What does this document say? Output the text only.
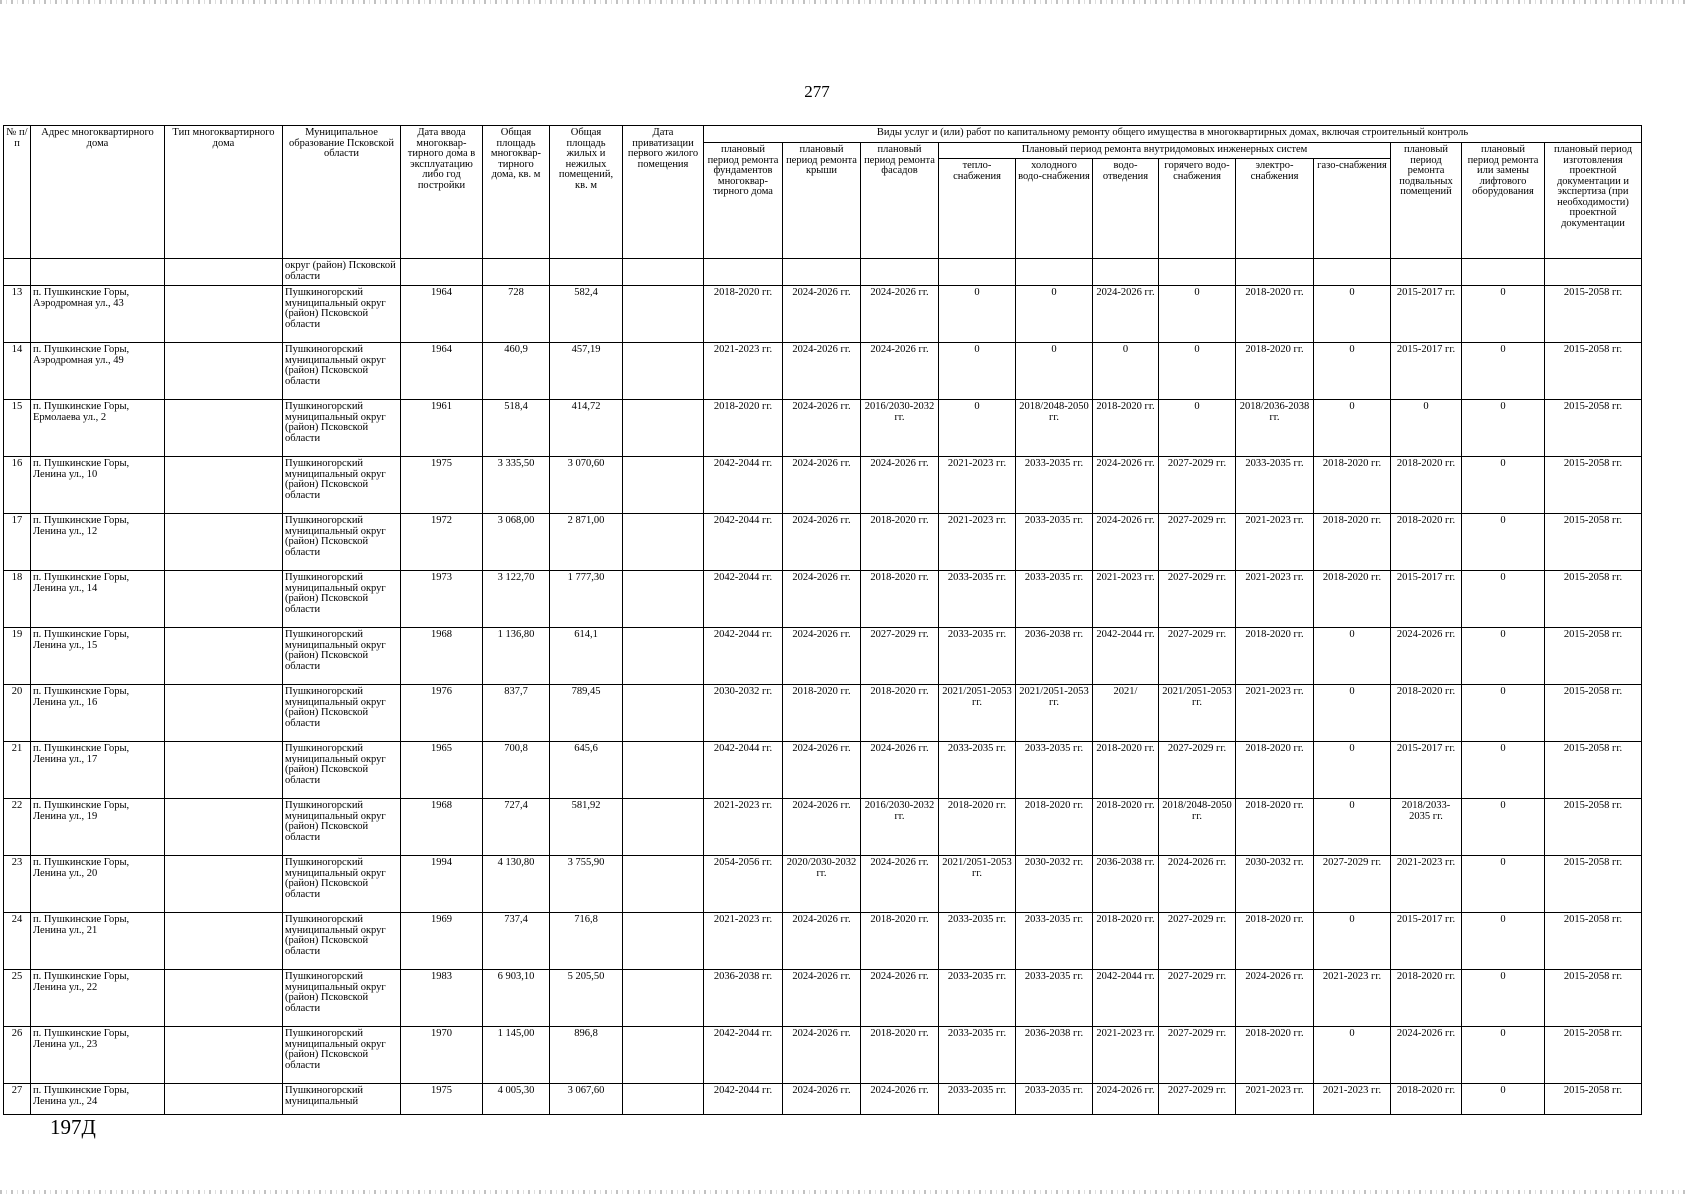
277
№ п/п	Адрес многоквартирного дома	Тип многоквартирного дома	Муниципальное образование Псковской области	Дата ввода многоквар-тирного дома в эксплуатацию либо год постройки	Общая площадь многоквар-тирного дома, кв. м	Общая площадь жилых и нежилых помещений, кв. м	Дата приватизации первого жилого помещения	Виды услуг и (или) работ по капитальному ремонту общего имущества в многоквартирных домах, включая строительный контроль											
								плановый период ремонта фундаментов многоквар-тирного дома	плановый период ремонта крыши	плановый период ремонта фасадов	Плановый период ремонта внутридомовых инженерных систем						плановый период ремонта подвальных помещений	плановый период ремонта или замены лифтового оборудования	плановый период изготовления проектной документации и экспертиза (при необходимости) проектной документации
											тепло-снабжения	холодного водо-снабжения	водо-отведения	горячего водо-снабжения	электро-снабжения	газо-снабжения			
			округ (район) Псковской области																
13	п. Пушкинские Горы, Аэродромная ул., 43		Пушкиногорский муниципальный округ (район) Псковской области	1964	728	582,4		2018-2020 гг.	2024-2026 гг.	2024-2026 гг.	0	0	2024-2026 гг.	0	2018-2020 гг.	0	2015-2017 гг.	0	2015-2058 гг.
14	п. Пушкинские Горы, Аэродромная ул., 49		Пушкиногорский муниципальный округ (район) Псковской области	1964	460,9	457,19		2021-2023 гг.	2024-2026 гг.	2024-2026 гг.	0	0	0	0	2018-2020 гг.	0	2015-2017 гг.	0	2015-2058 гг.
15	п. Пушкинские Горы, Ермолаева ул., 2		Пушкиногорский муниципальный округ (район) Псковской области	1961	518,4	414,72		2018-2020 гг.	2024-2026 гг.	2016/2030-2032 гг.	0	2018/2048-2050 гг.	2018-2020 гг.	0	2018/2036-2038 гг.	0	0	0	2015-2058 гг.
16	п. Пушкинские Горы, Ленина ул., 10		Пушкиногорский муниципальный округ (район) Псковской области	1975	3 335,50	3 070,60		2042-2044 гг.	2024-2026 гг.	2024-2026 гг.	2021-2023 гг.	2033-2035 гг.	2024-2026 гг.	2027-2029 гг.	2033-2035 гг.	2018-2020 гг.	2018-2020 гг.	0	2015-2058 гг.
17	п. Пушкинские Горы, Ленина ул., 12		Пушкиногорский муниципальный округ (район) Псковской области	1972	3 068,00	2 871,00		2042-2044 гг.	2024-2026 гг.	2018-2020 гг.	2021-2023 гг.	2033-2035 гг.	2024-2026 гг.	2027-2029 гг.	2021-2023 гг.	2018-2020 гг.	2018-2020 гг.	0	2015-2058 гг.
18	п. Пушкинские Горы, Ленина ул., 14		Пушкиногорский муниципальный округ (район) Псковской области	1973	3 122,70	1 777,30		2042-2044 гг.	2024-2026 гг.	2018-2020 гг.	2033-2035 гг.	2033-2035 гг.	2021-2023 гг.	2027-2029 гг.	2021-2023 гг.	2018-2020 гг.	2015-2017 гг.	0	2015-2058 гг.
19	п. Пушкинские Горы, Ленина ул., 15		Пушкиногорский муниципальный округ (район) Псковской области	1968	1 136,80	614,1		2042-2044 гг.	2024-2026 гг.	2027-2029 гг.	2033-2035 гг.	2036-2038 гг.	2042-2044 гг.	2027-2029 гг.	2018-2020 гг.	0	2024-2026 гг.	0	2015-2058 гг.
20	п. Пушкинские Горы, Ленина ул., 16		Пушкиногорский муниципальный округ (район) Псковской области	1976	837,7	789,45		2030-2032 гг.	2018-2020 гг.	2018-2020 гг.	2021/2051-2053 гг.	2021/2051-2053 гг.	2021/	2021/2051-2053 гг.	2021-2023 гг.	0	2018-2020 гг.	0	2015-2058 гг.
21	п. Пушкинские Горы, Ленина ул., 17		Пушкиногорский муниципальный округ (район) Псковской области	1965	700,8	645,6		2042-2044 гг.	2024-2026 гг.	2024-2026 гг.	2033-2035 гг.	2033-2035 гг.	2018-2020 гг.	2027-2029 гг.	2018-2020 гг.	0	2015-2017 гг.	0	2015-2058 гг.
22	п. Пушкинские Горы, Ленина ул., 19		Пушкиногорский муниципальный округ (район) Псковской области	1968	727,4	581,92		2021-2023 гг.	2024-2026 гг.	2016/2030-2032 гг.	2018-2020 гг.	2018-2020 гг.	2018-2020 гг.	2018/2048-2050 гг.	2018-2020 гг.	0	2018/2033-2035 гг.	0	2015-2058 гг.
23	п. Пушкинские Горы, Ленина ул., 20		Пушкиногорский муниципальный округ (район) Псковской области	1994	4 130,80	3 755,90		2054-2056 гг.	2020/2030-2032 гг.	2024-2026 гг.	2021/2051-2053 гг.	2030-2032 гг.	2036-2038 гг.	2024-2026 гг.	2030-2032 гг.	2027-2029 гг.	2021-2023 гг.	0	2015-2058 гг.
24	п. Пушкинские Горы, Ленина ул., 21		Пушкиногорский муниципальный округ (район) Псковской области	1969	737,4	716,8		2021-2023 гг.	2024-2026 гг.	2018-2020 гг.	2033-2035 гг.	2033-2035 гг.	2018-2020 гг.	2027-2029 гг.	2018-2020 гг.	0	2015-2017 гг.	0	2015-2058 гг.
25	п. Пушкинские Горы, Ленина ул., 22		Пушкиногорский муниципальный округ (район) Псковской области	1983	6 903,10	5 205,50		2036-2038 гг.	2024-2026 гг.	2024-2026 гг.	2033-2035 гг.	2033-2035 гг.	2042-2044 гг.	2027-2029 гг.	2024-2026 гг.	2021-2023 гг.	2018-2020 гг.	0	2015-2058 гг.
26	п. Пушкинские Горы, Ленина ул., 23		Пушкиногорский муниципальный округ (район) Псковской области	1970	1 145,00	896,8		2042-2044 гг.	2024-2026 гг.	2018-2020 гг.	2033-2035 гг.	2036-2038 гг.	2021-2023 гг.	2027-2029 гг.	2018-2020 гг.	0	2024-2026 гг.	0	2015-2058 гг.
27	п. Пушкинские Горы, Ленина ул., 24		Пушкиногорский муниципальный	1975	4 005,30	3 067,60		2042-2044 гг.	2024-2026 гг.	2024-2026 гг.	2033-2035 гг.	2033-2035 гг.	2024-2026 гг.	2027-2029 гг.	2021-2023 гг.	2021-2023 гг.	2018-2020 гг.	0	2015-2058 гг.
197Д
